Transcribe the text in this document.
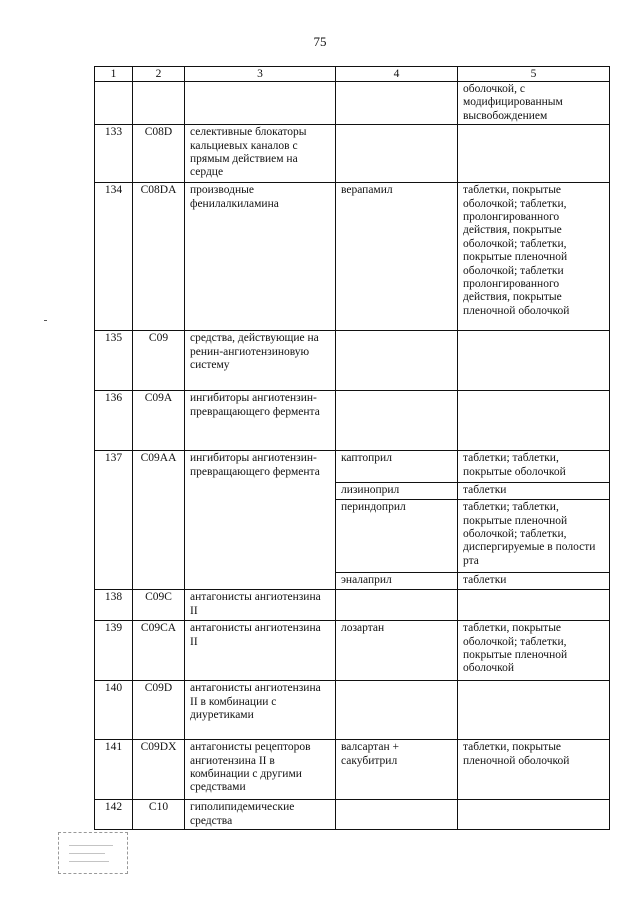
75
1	2	3	4	5
				оболочкой, с модифицированным высвобождением
133	C08D	селективные блокаторы кальциевых каналов с прямым действием на сердце		
134	C08DA	производные фенилалкиламина	верапамил	таблетки, покрытые оболочкой; таблетки, пролонгированного действия, покрытые оболочкой; таблетки, покрытые пленочной оболочкой; таблетки пролонгированного действия, покрытые пленочной оболочкой
135	C09	средства, действующие на ренин-ангиотензиновую систему		
136	C09A	ингибиторы ангиотензин-превращающего фермента		
137	C09AA	ингибиторы ангиотензин-превращающего фермента	каптоприл	таблетки; таблетки, покрытые оболочкой
			лизиноприл	таблетки
			периндоприл	таблетки; таблетки, покрытые пленочной оболочкой; таблетки, диспергируемые в полости рта
			эналаприл	таблетки
138	C09C	антагонисты ангиотензина II		
139	C09CA	антагонисты ангиотензина II	лозартан	таблетки, покрытые оболочкой; таблетки, покрытые пленочной оболочкой
140	C09D	антагонисты ангиотензина II в комбинации с диуретиками		
141	C09DX	антагонисты рецепторов ангиотензина II в комбинации с другими средствами	валсартан + сакубитрил	таблетки, покрытые пленочной оболочкой
142	C10	гиполипидемические средства		
